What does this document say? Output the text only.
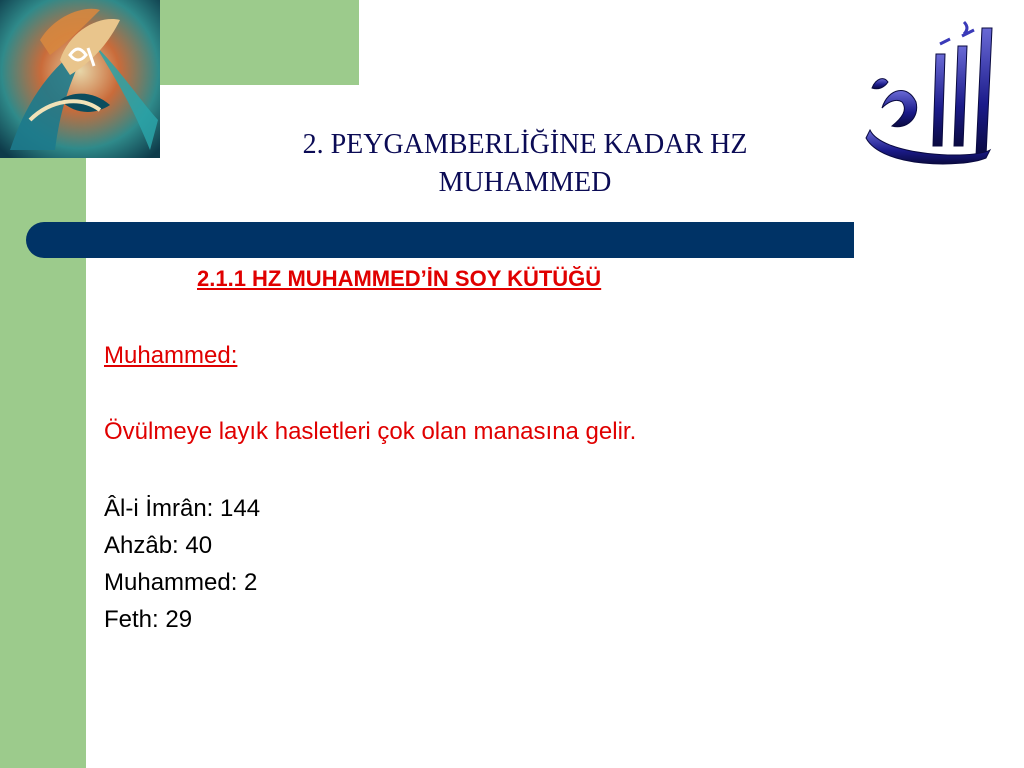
2. PEYGAMBERLİĞİNE KADAR HZ
MUHAMMED
2.1.1 HZ MUHAMMED’İN SOY KÜTÜĞÜ
Muhammed:
Övülmeye layık hasletleri çok olan manasına gelir.
Âl-i İmrân: 144
Ahzâb: 40
Muhammed: 2
Feth: 29
